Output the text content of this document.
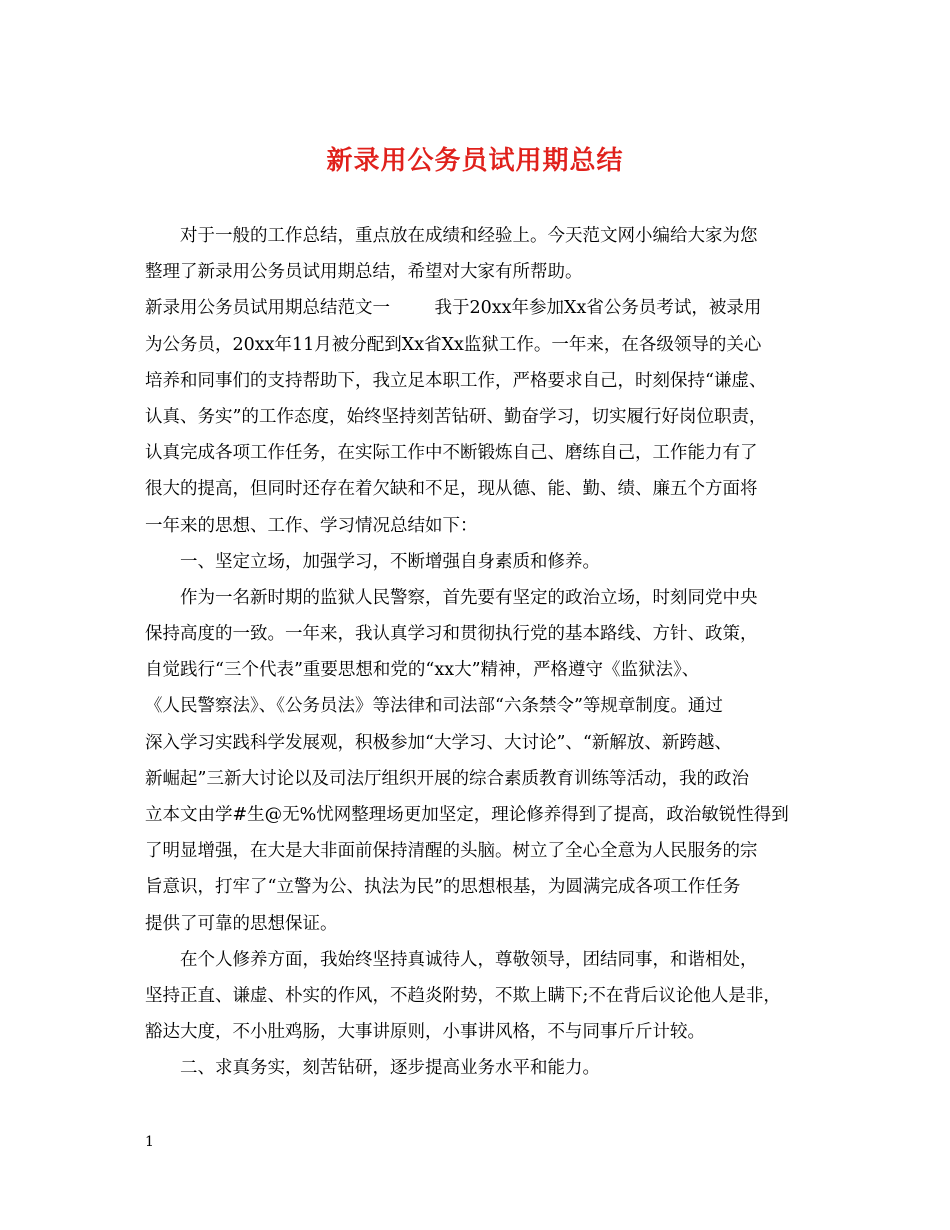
新录用公务员试用期总结
对于一般的工作总结，重点放在成绩和经验上。今天范文网小编给大家为您
整理了新录用公务员试用期总结，希望对大家有所帮助。
新录用公务员试用期总结范文一        我于20xx年参加Xx省公务员考试，被录用
为公务员，20xx年11月被分配到Xx省Xx监狱工作。一年来，在各级领导的关心
培养和同事们的支持帮助下，我立足本职工作，严格要求自己，时刻保持“谦虚、
认真、务实”的工作态度，始终坚持刻苦钻研、勤奋学习，切实履行好岗位职责，
认真完成各项工作任务，在实际工作中不断锻炼自己、磨练自己，工作能力有了
很大的提高，但同时还存在着欠缺和不足，现从德、能、勤、绩、廉五个方面将
一年来的思想、工作、学习情况总结如下：
一、坚定立场，加强学习，不断增强自身素质和修养。
作为一名新时期的监狱人民警察，首先要有坚定的政治立场，时刻同党中央
保持高度的一致。一年来，我认真学习和贯彻执行党的基本路线、方针、政策，
自觉践行“三个代表”重要思想和党的“xx大”精神，严格遵守《监狱法》、
《人民警察法》、《公务员法》等法律和司法部“六条禁令”等规章制度。通过
深入学习实践科学发展观，积极参加“大学习、大讨论”、“新解放、新跨越、
新崛起”三新大讨论以及司法厅组织开展的综合素质教育训练等活动，我的政治
立本文由学#生@无%忧网整理场更加坚定，理论修养得到了提高，政治敏锐性得到
了明显增强，在大是大非面前保持清醒的头脑。树立了全心全意为人民服务的宗
旨意识，打牢了“立警为公、执法为民”的思想根基，为圆满完成各项工作任务
提供了可靠的思想保证。
在个人修养方面，我始终坚持真诚待人，尊敬领导，团结同事，和谐相处，
坚持正直、谦虚、朴实的作风，不趋炎附势，不欺上瞒下;不在背后议论他人是非，
豁达大度，不小肚鸡肠，大事讲原则，小事讲风格，不与同事斤斤计较。
二、求真务实，刻苦钻研，逐步提高业务水平和能力。
1
